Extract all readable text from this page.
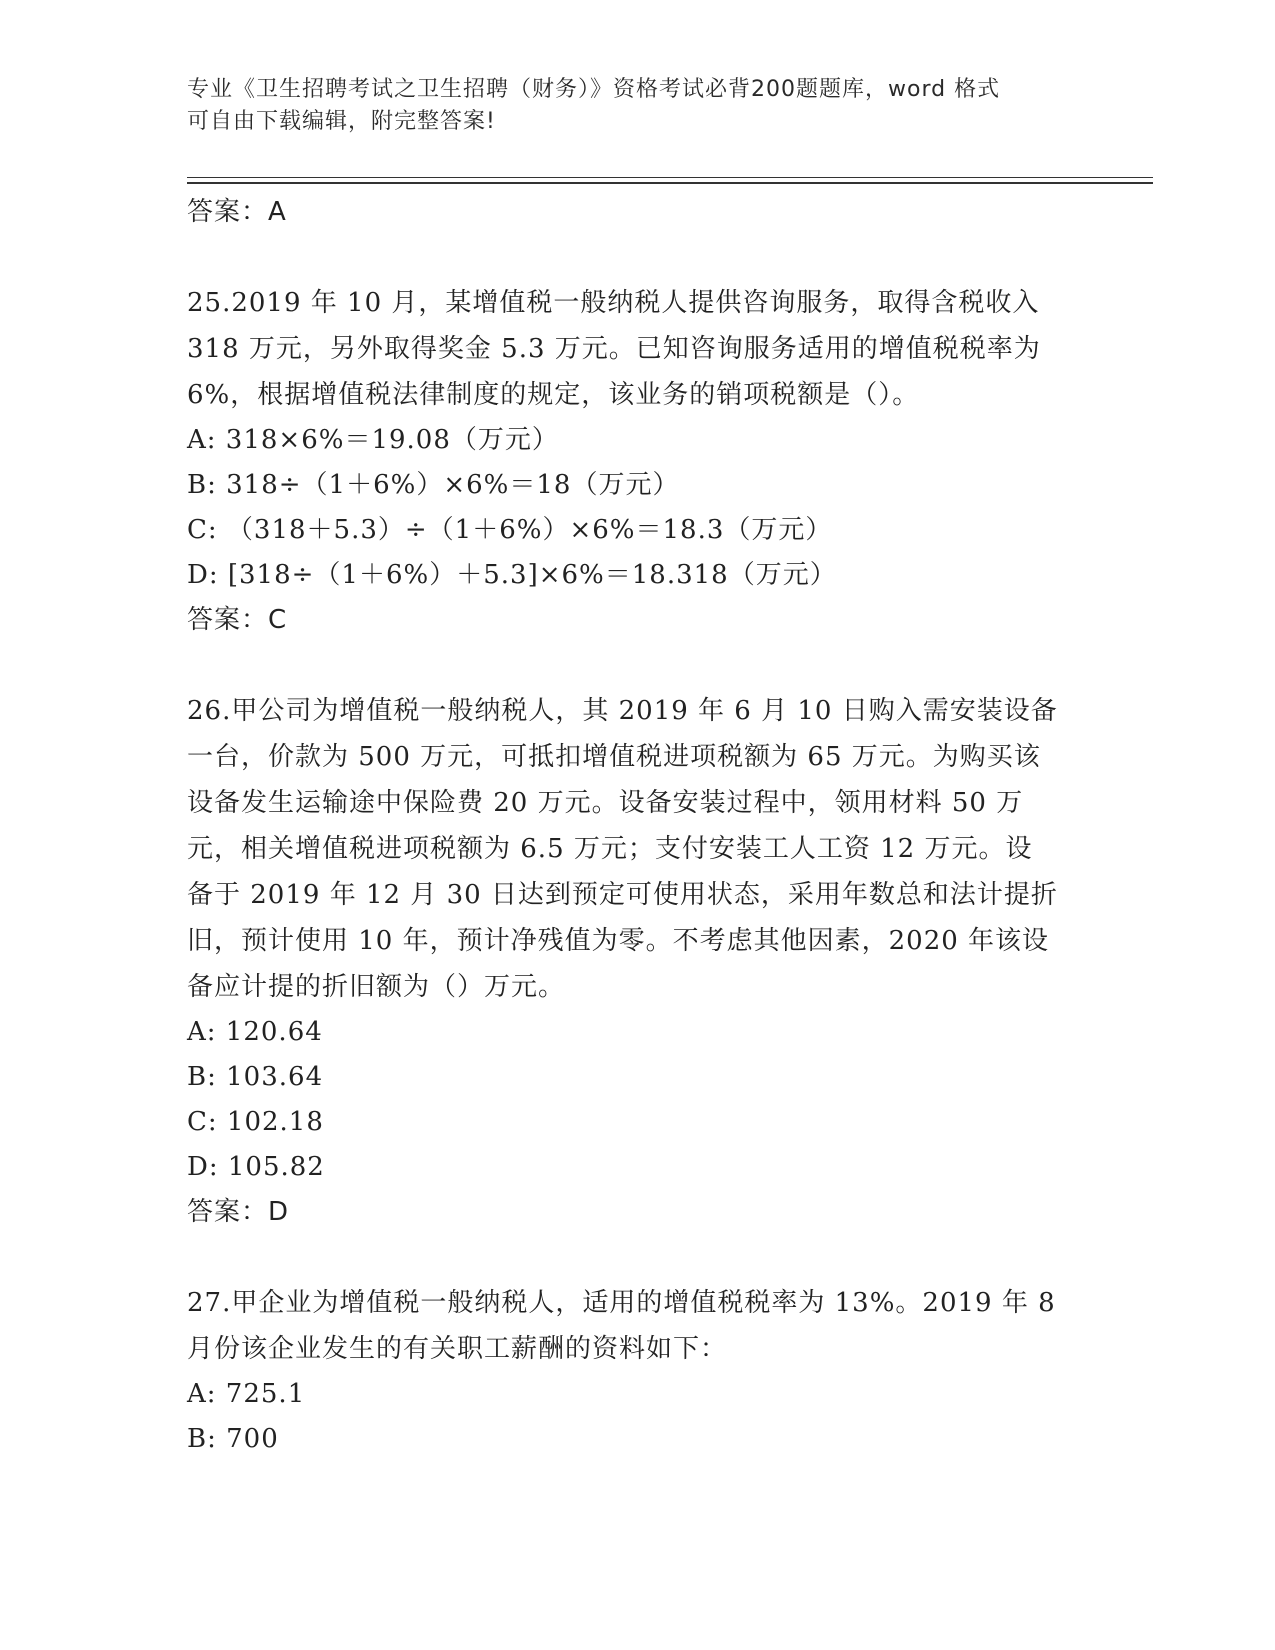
专业《卫生招聘考试之卫生招聘（财务）》资格考试必背200题题库，word 格式
可自由下载编辑，附完整答案!
答案：A
25.2019 年 10 月，某增值税一般纳税人提供咨询服务，取得含税收入
318 万元，另外取得奖金 5.3 万元。已知咨询服务适用的增值税税率为
6%，根据增值税法律制度的规定，该业务的销项税额是（）。
A: 318×6%＝19.08（万元）
B: 318÷（1＋6%）×6%＝18（万元）
C: （318＋5.3）÷（1＋6%）×6%＝18.3（万元）
D: [318÷（1＋6%）＋5.3]×6%＝18.318（万元）
答案：C
26.甲公司为增值税一般纳税人，其 2019 年 6 月 10 日购入需安装设备
一台，价款为 500 万元，可抵扣增值税进项税额为 65 万元。为购买该
设备发生运输途中保险费 20 万元。设备安装过程中，领用材料 50 万
元，相关增值税进项税额为 6.5 万元；支付安装工人工资 12 万元。设
备于 2019 年 12 月 30 日达到预定可使用状态，采用年数总和法计提折
旧，预计使用 10 年，预计净残值为零。不考虑其他因素，2020 年该设
备应计提的折旧额为（）万元。
A: 120.64
B: 103.64
C: 102.18
D: 105.82
答案：D
27.甲企业为增值税一般纳税人，适用的增值税税率为 13%。2019 年 8
月份该企业发生的有关职工薪酬的资料如下：
A: 725.1
B: 700
